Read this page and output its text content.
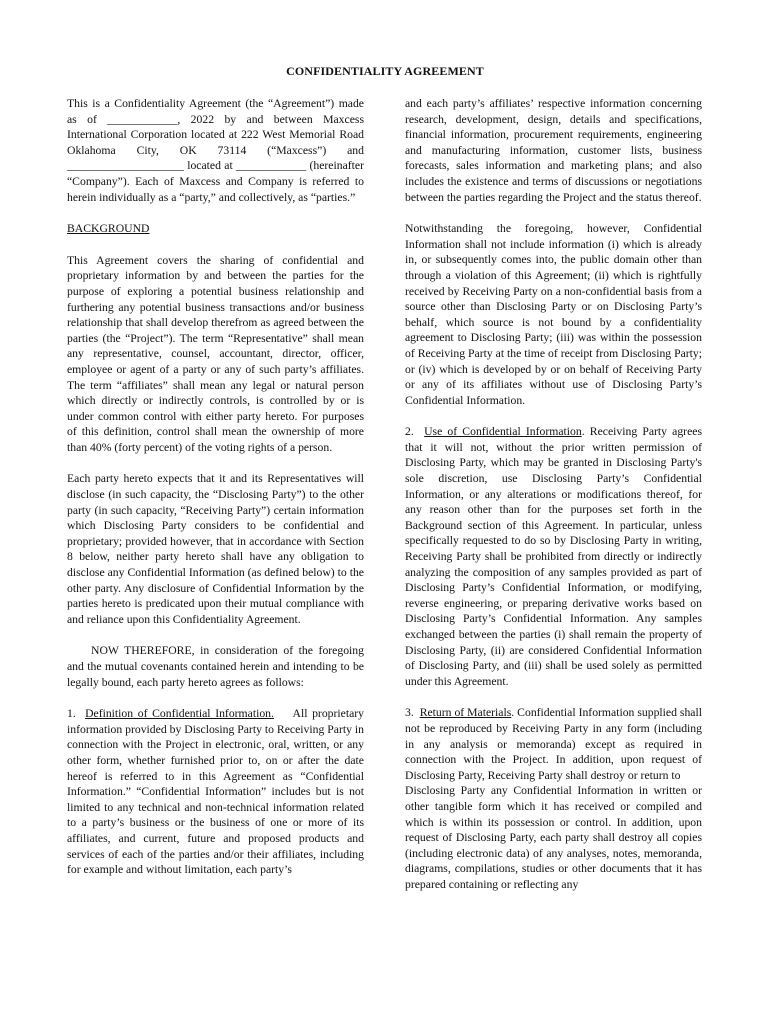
CONFIDENTIALITY AGREEMENT

This is a Confidentiality Agreement (the “Agreement”) made as of ____________, 2022 by and between Maxcess International Corporation located at 222 West Memorial Road Oklahoma City, OK 73114 (“Maxcess”) and ____________________ located at ____________ (hereinafter “Company”). Each of Maxcess and Company is referred to herein individually as a “party,” and collectively, as “parties.”

BACKGROUND

This Agreement covers the sharing of confidential and proprietary information by and between the parties for the purpose of exploring a potential business relationship and furthering any potential business transactions and/or business relationship that shall develop therefrom as agreed between the parties (the “Project”). The term “Representative” shall mean any representative, counsel, accountant, director, officer, employee or agent of a party or any of such party’s affiliates. The term “affiliates” shall mean any legal or natural person which directly or indirectly controls, is controlled by or is under common control with either party hereto. For purposes of this definition, control shall mean the ownership of more than 40% (forty percent) of the voting rights of a person.

Each party hereto expects that it and its Representatives will disclose (in such capacity, the “Disclosing Party”) to the other party (in such capacity, “Receiving Party”) certain information which Disclosing Party considers to be confidential and proprietary; provided however, that in accordance with Section 8 below, neither party hereto shall have any obligation to disclose any Confidential Information (as defined below) to the other party. Any disclosure of Confidential Information by the parties hereto is predicated upon their mutual compliance with and reliance upon this Confidentiality Agreement.

NOW THEREFORE, in consideration of the foregoing and the mutual covenants contained herein and intending to be legally bound, each party hereto agrees as follows:

1. Definition of Confidential Information. All proprietary information provided by Disclosing Party to Receiving Party in connection with the Project in electronic, oral, written, or any other form, whether furnished prior to, on or after the date hereof is referred to in this Agreement as “Confidential Information.” “Confidential Information” includes but is not limited to any technical and non-technical information related to a party’s business or the business of one or more of its affiliates, and current, future and proposed products and services of each of the parties and/or their affiliates, including for example and without limitation, each party’s

and each party’s affiliates’ respective information concerning research, development, design, details and specifications, financial information, procurement requirements, engineering and manufacturing information, customer lists, business forecasts, sales information and marketing plans; and also includes the existence and terms of discussions or negotiations between the parties regarding the Project and the status thereof.

Notwithstanding the foregoing, however, Confidential Information shall not include information (i) which is already in, or subsequently comes into, the public domain other than through a violation of this Agreement; (ii) which is rightfully received by Receiving Party on a non-confidential basis from a source other than Disclosing Party or on Disclosing Party’s behalf, which source is not bound by a confidentiality agreement to Disclosing Party; (iii) was within the possession of Receiving Party at the time of receipt from Disclosing Party; or (iv) which is developed by or on behalf of Receiving Party or any of its affiliates without use of Disclosing Party’s Confidential Information.

2. Use of Confidential Information. Receiving Party agrees that it will not, without the prior written permission of Disclosing Party, which may be granted in Disclosing Party's sole discretion, use Disclosing Party’s Confidential Information, or any alterations or modifications thereof, for any reason other than for the purposes set forth in the Background section of this Agreement. In particular, unless specifically requested to do so by Disclosing Party in writing, Receiving Party shall be prohibited from directly or indirectly analyzing the composition of any samples provided as part of Disclosing Party’s Confidential Information, or modifying, reverse engineering, or preparing derivative works based on Disclosing Party’s Confidential Information. Any samples exchanged between the parties (i) shall remain the property of Disclosing Party, (ii) are considered Confidential Information of Disclosing Party, and (iii) shall be used solely as permitted under this Agreement.

3. Return of Materials. Confidential Information supplied shall not be reproduced by Receiving Party in any form (including in any analysis or memoranda) except as required in connection with the Project. In addition, upon request of Disclosing Party, Receiving Party shall destroy or return to

Disclosing Party any Confidential Information in written or other tangible form which it has received or compiled and which is within its possession or control. In addition, upon request of Disclosing Party, each party shall destroy all copies (including electronic data) of any analyses, notes, memoranda, diagrams, compilations, studies or other documents that it has prepared containing or reflecting any
